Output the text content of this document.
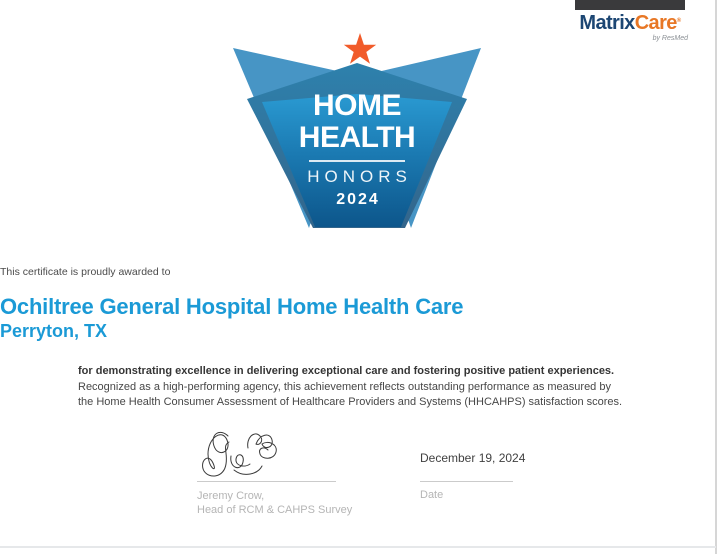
MatrixCare®
by ResMed
HOME
HEALTH
HONORS
2024
This certificate is proudly awarded to
Ochiltree General Hospital Home Health Care
Perryton, TX
for demonstrating excellence in delivering exceptional care and fostering positive patient experiences.
Recognized as a high-performing agency, this achievement reflects outstanding performance as measured by
the Home Health Consumer Assessment of Healthcare Providers and Systems (HHCAHPS) satisfaction scores.
Jeremy Crow,
Head of RCM & CAHPS Survey
December 19, 2024
Date
